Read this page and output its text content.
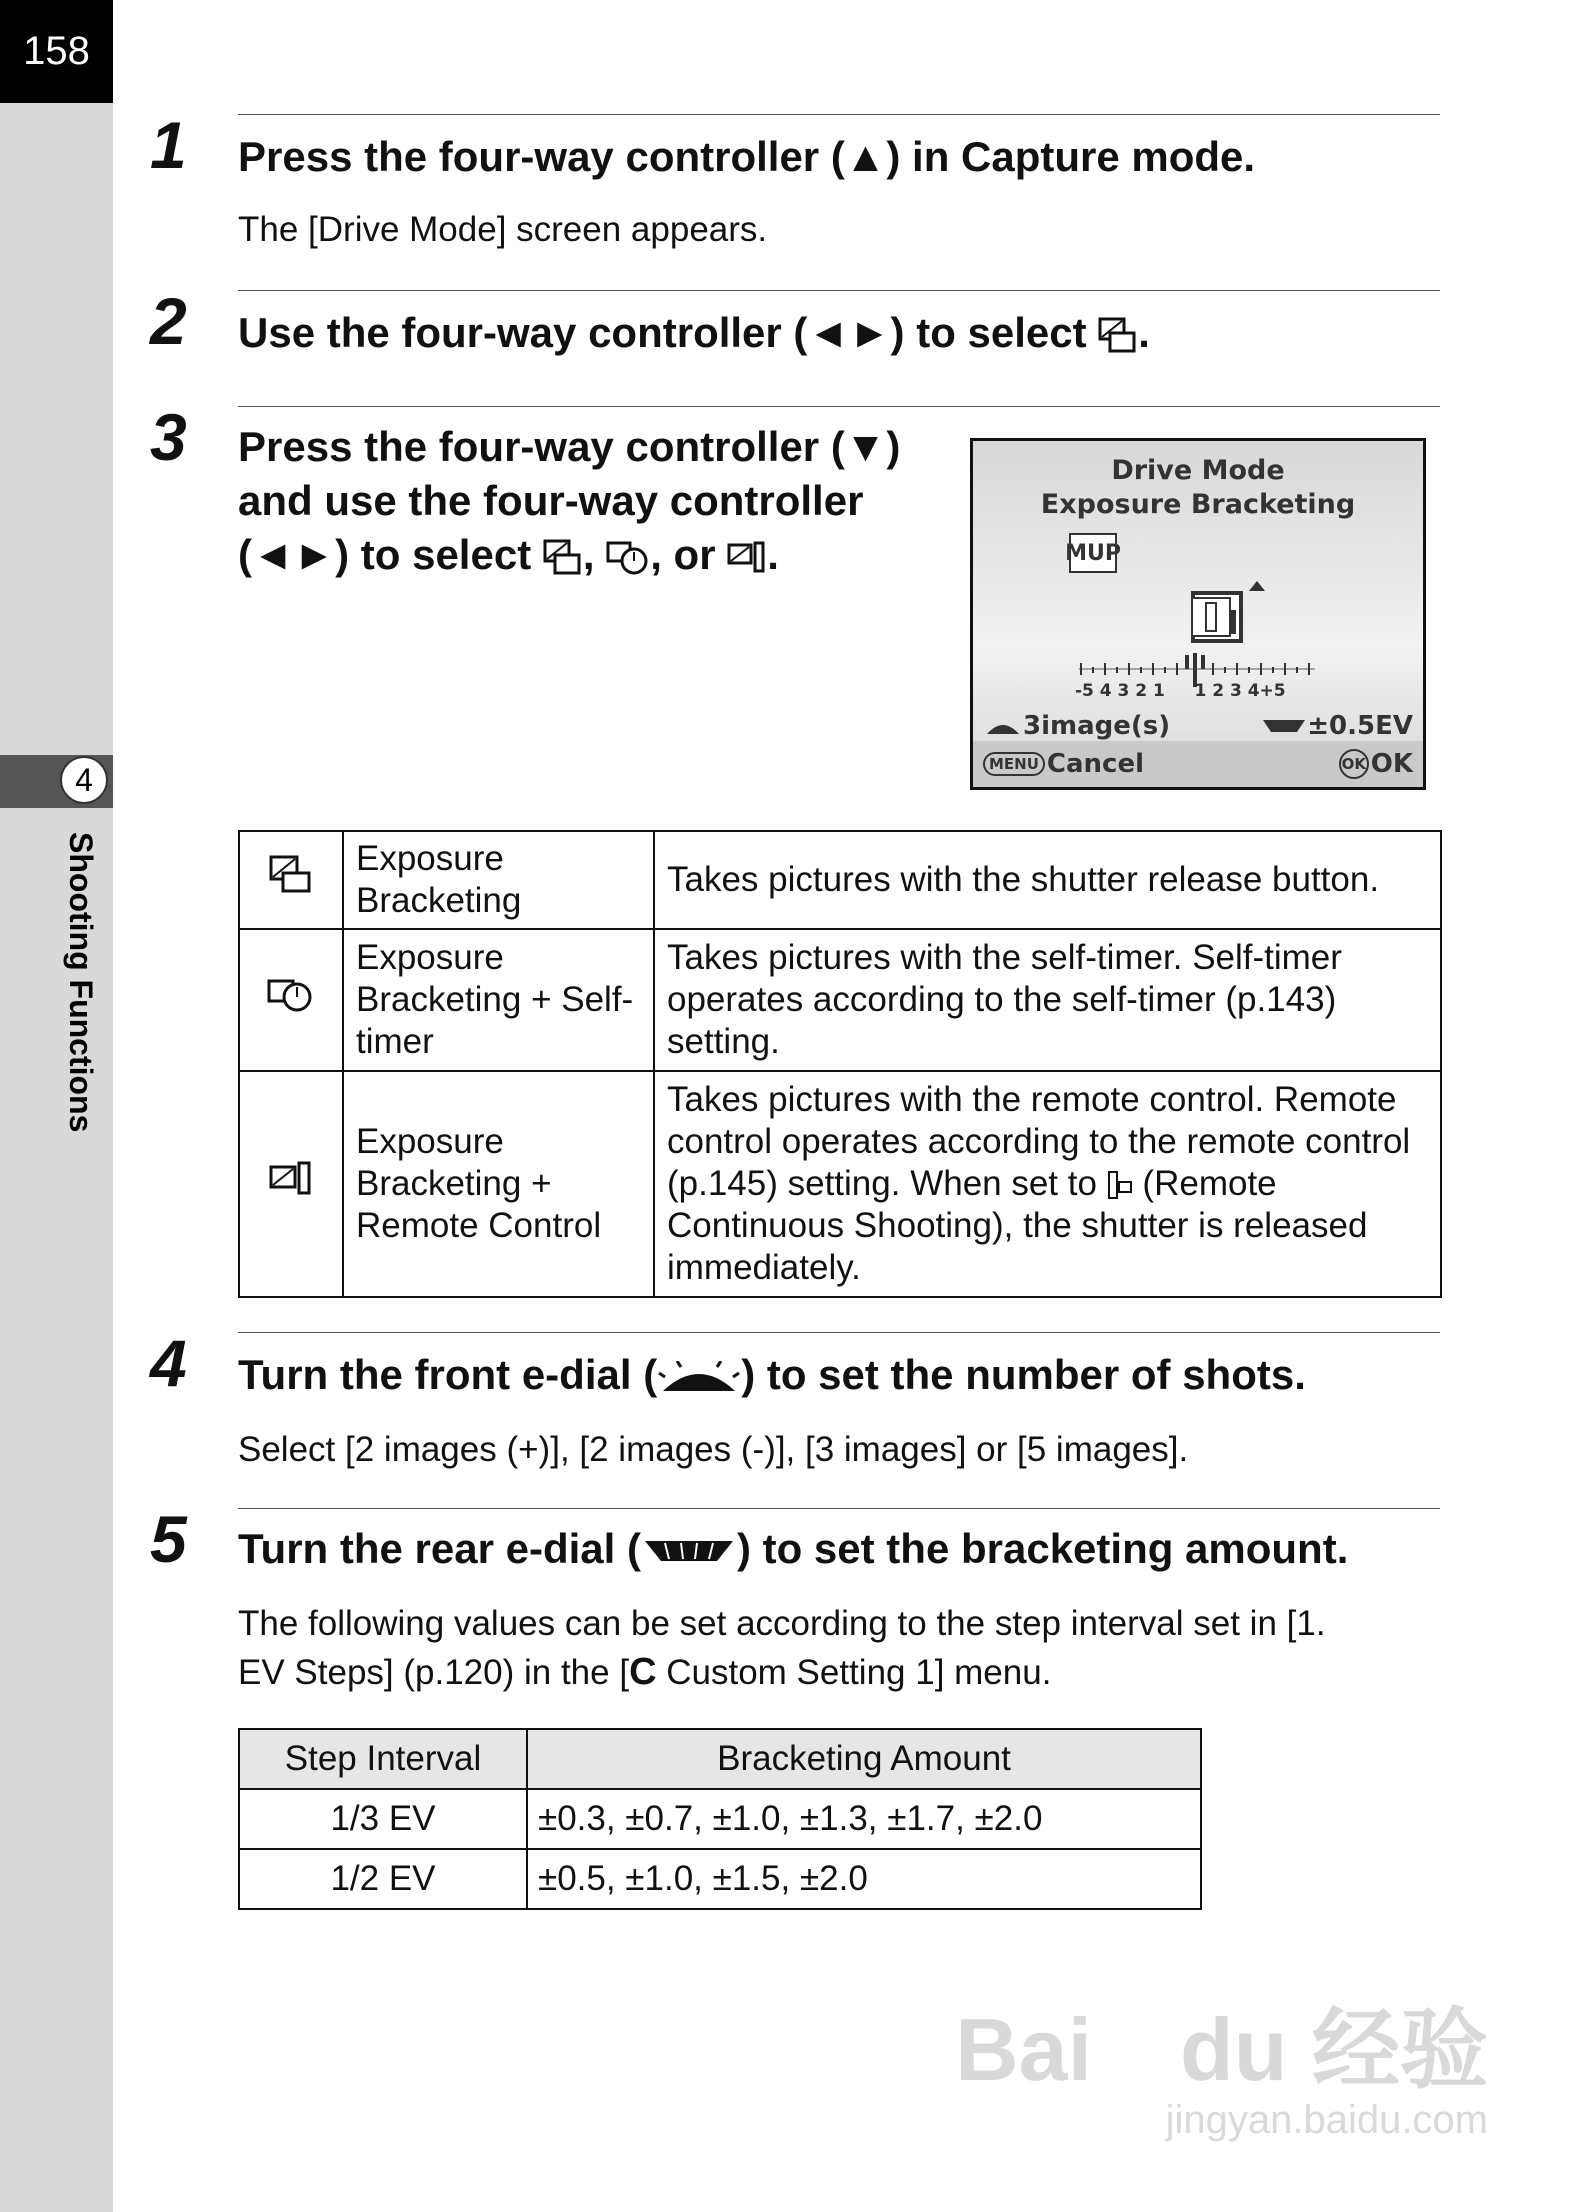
158
4
Shooting Functions
1 Press the four-way controller (▲) in Capture mode.
The [Drive Mode] screen appears.
2 Use the four-way controller (◄►) to select .
3 Press the four-way controller (▼)
and use the four-way controller
(◄►) to select , , or .
Drive Mode
Exposure Bracketing
MUP
-5 4 3 2 1     1 2 3 4+5
3image(s)	±0.5EV
MENU Cancel	OK OK
	Exposure Bracketing	Takes pictures with the shutter release button.
	Exposure Bracketing + Self-timer	Takes pictures with the self-timer. Self-timer operates according to the self-timer (p.143) setting.
	Exposure Bracketing + Remote Control	Takes pictures with the remote control. Remote control operates according to the remote control (p.145) setting. When set to (Remote Continuous Shooting), the shutter is released immediately.
4 Turn the front e-dial ( ) to set the number of shots.
Select [2 images (+)], [2 images (-)], [3 images] or [5 images].
5 Turn the rear e-dial ( ) to set the bracketing amount.
The following values can be set according to the step interval set in [1.
EV Steps] (p.120) in the [C Custom Setting 1] menu.
Step Interval	Bracketing Amount
1/3 EV	±0.3, ±0.7, ±1.0, ±1.3, ±1.7, ±2.0
1/2 EV	±0.5, ±1.0, ±1.5, ±2.0
Bai du 经验
jingyan.baidu.com
